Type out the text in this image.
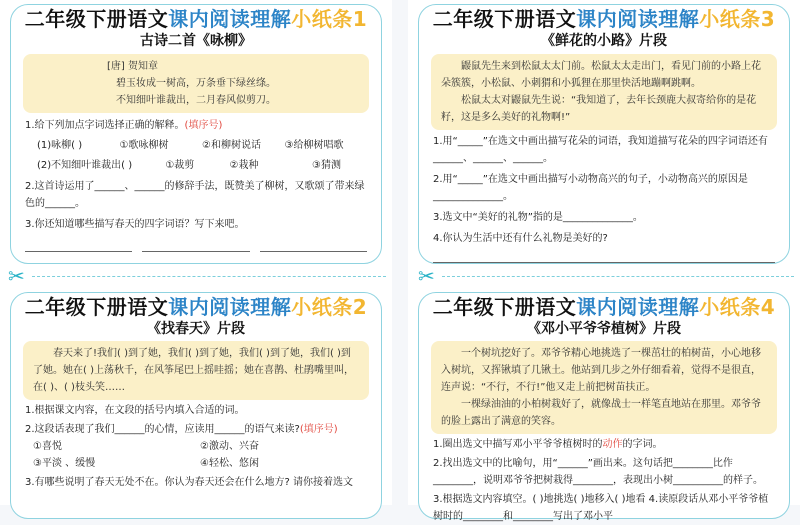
二年级下册语文课内阅读理解小纸条1
古诗二首《咏柳》
[唐] 贺知章
碧玉妆成一树高，万条垂下绿丝绦。
不知细叶谁裁出，二月春风似剪刀。
1.给下列加点字词选择正确的解释。(填序号)
(1)咏柳( )	①歌咏柳树	②和柳树说话	③给柳树唱歌
(2)不知细叶谁裁出( )	①裁剪	②栽种	③猜测
2.这首诗运用了______、______的修辞手法，既赞美了柳树，又歌颂了带来绿色的______。
3.你还知道哪些描写春天的四字词语？写下来吧。
✂
二年级下册语文课内阅读理解小纸条2
《找春天》片段

春天来了!我们( )到了她，我们( )到了她，我们( )到了她，我们( )到了她。她在( )上荡秋千，在风筝尾巴上摇哇摇；她在喜鹊、杜鹃嘴里叫，在( )、( )枝头笑……

1.根据课文内容，在文段的括号内填入合适的词。
2.这段话表现了我们______的心情，应读用______的语气来读?(填序号)
①喜悦	②激动、兴奋
③平淡 、缓慢	④轻松、悠闲
3.有哪些说明了春天无处不在。你认为春天还会在什么地方? 请你接着选文
二年级下册语文课内阅读理解小纸条3
《鲜花的小路》片段

鼹鼠先生来到松鼠太太门前。松鼠太太走出门，看见门前的小路上花朵簇簇，小松鼠、小刺猬和小狐狸在那里快活地蹦啊跳啊。

松鼠太太对鼹鼠先生说：“我知道了，去年长颈鹿大叔寄给你的是花籽，这是多么美好的礼物啊!”

1.用“_____”在选文中画出描写花朵的词语，我知道描写花朵的四字词语还有______、______、______。
2.用“_____”在选文中画出描写小动物高兴的句子，小动物高兴的原因是______________。
3.选文中“美好的礼物”指的是______________。
4.你认为生活中还有什么礼物是美好的?
✂
二年级下册语文课内阅读理解小纸条4
《邓小平爷爷植树》片段

一个树坑挖好了。邓爷爷精心地挑选了一棵茁壮的柏树苗，小心地移入树坑，又挥锹填了几锹土。他站到几步之外仔细看着，觉得不是很直，连声说：“不行，不行!”他又走上前把树苗扶正。

一棵绿油油的小柏树栽好了，就像战士一样笔直地站在那里。邓爷爷的脸上露出了满意的笑容。

1.圈出选文中描写邓小平爷爷植树时的动作的字词。
2.找出选文中的比喻句，用“______”画出来。这句话把________比作________，说明邓爷爷把树栽得________，表现出小树__________的样子。
3.根据选文内容填空。( )地挑选( )地移入( )地看 4.读原段话从邓小平爷爷植树时的________和________写出了邓小平
